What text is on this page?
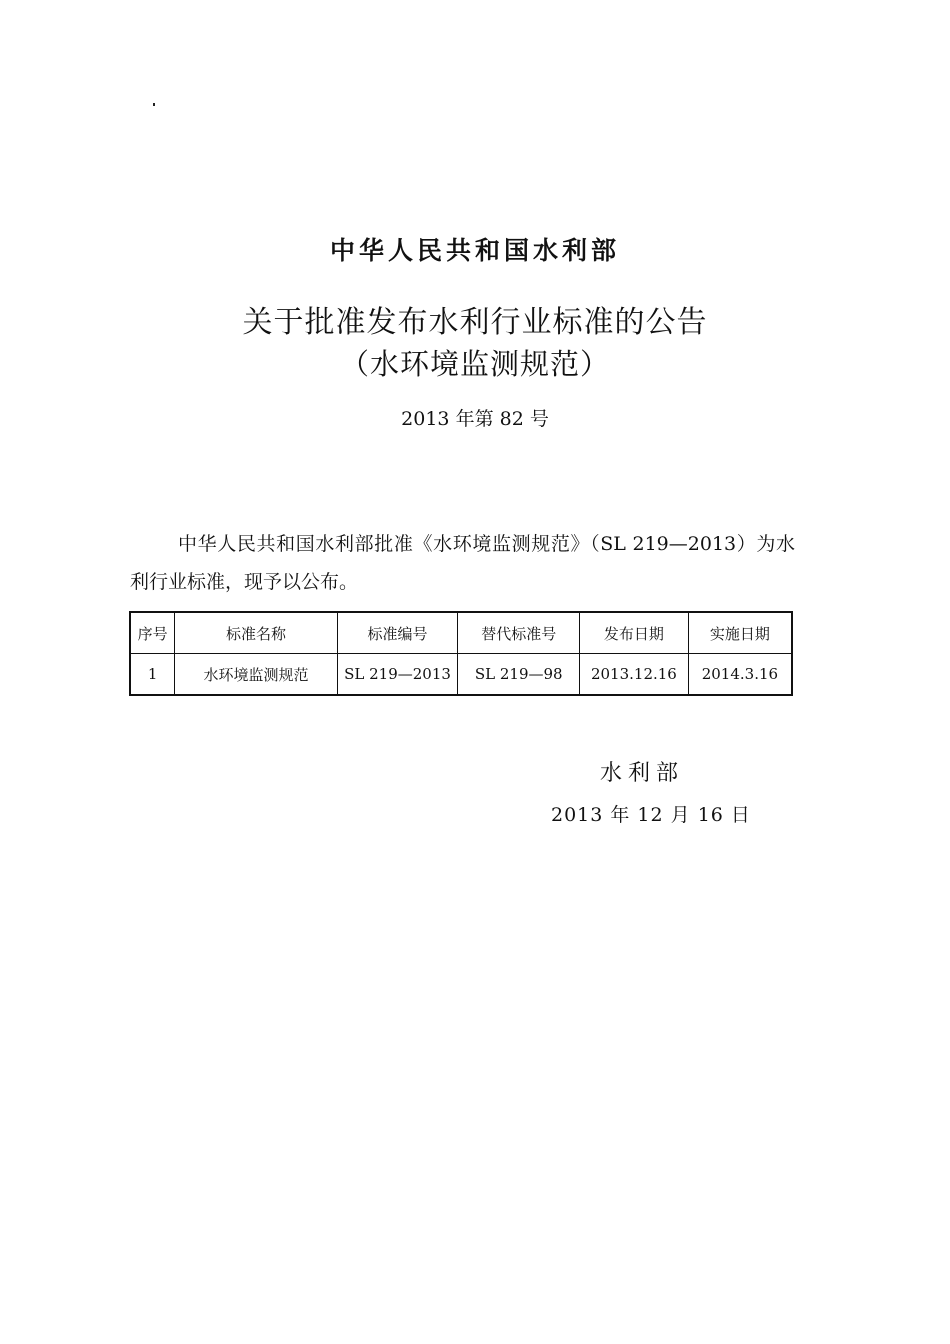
中华人民共和国水利部
关于批准发布水利行业标准的公告
（水环境监测规范）
2013 年第 82 号

中华人民共和国水利部批准《水环境监测规范》（SL 219—2013）为水利行业标准，现予以公布。

序号	标准名称	标准编号	替代标准号	发布日期	实施日期
1	水环境监测规范	SL 219—2013	SL 219—98	2013.12.16	2014.3.16
水利部
2013 年 12 月 16 日
